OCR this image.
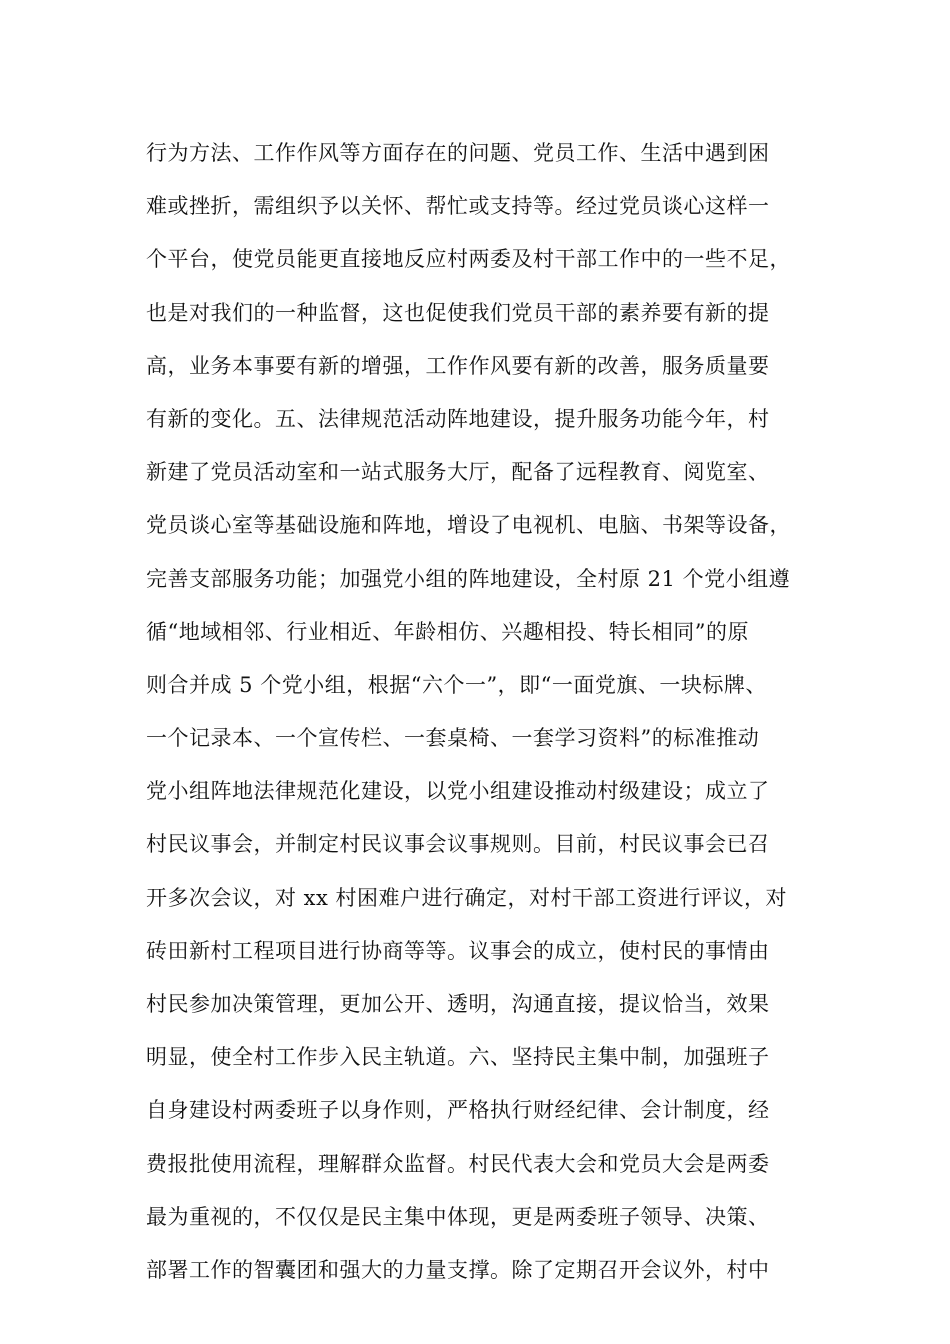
行为方法、工作作风等方面存在的问题、党员工作、生活中遇到困
难或挫折，需组织予以关怀、帮忙或支持等。经过党员谈心这样一
个平台，使党员能更直接地反应村两委及村干部工作中的一些不足，
也是对我们的一种监督，这也促使我们党员干部的素养要有新的提
高，业务本事要有新的增强，工作作风要有新的改善，服务质量要
有新的变化。五、法律规范活动阵地建设，提升服务功能今年，村
新建了党员活动室和一站式服务大厅，配备了远程教育、阅览室、
党员谈心室等基础设施和阵地，增设了电视机、电脑、书架等设备，
完善支部服务功能；加强党小组的阵地建设，全村原 21 个党小组遵
循“地域相邻、行业相近、年龄相仿、兴趣相投、特长相同”的原
则合并成 5 个党小组，根据“六个一”，即“一面党旗、一块标牌、
一个记录本、一个宣传栏、一套桌椅、一套学习资料”的标准推动
党小组阵地法律规范化建设，以党小组建设推动村级建设；成立了
村民议事会，并制定村民议事会议事规则。目前，村民议事会已召
开多次会议，对 xx 村困难户进行确定，对村干部工资进行评议，对
砖田新村工程项目进行协商等等。议事会的成立，使村民的事情由
村民参加决策管理，更加公开、透明，沟通直接，提议恰当，效果
明显，使全村工作步入民主轨道。六、坚持民主集中制，加强班子
自身建设村两委班子以身作则，严格执行财经纪律、会计制度，经
费报批使用流程，理解群众监督。村民代表大会和党员大会是两委
最为重视的，不仅仅是民主集中体现，更是两委班子领导、决策、
部署工作的智囊团和强大的力量支撑。除了定期召开会议外，村中
